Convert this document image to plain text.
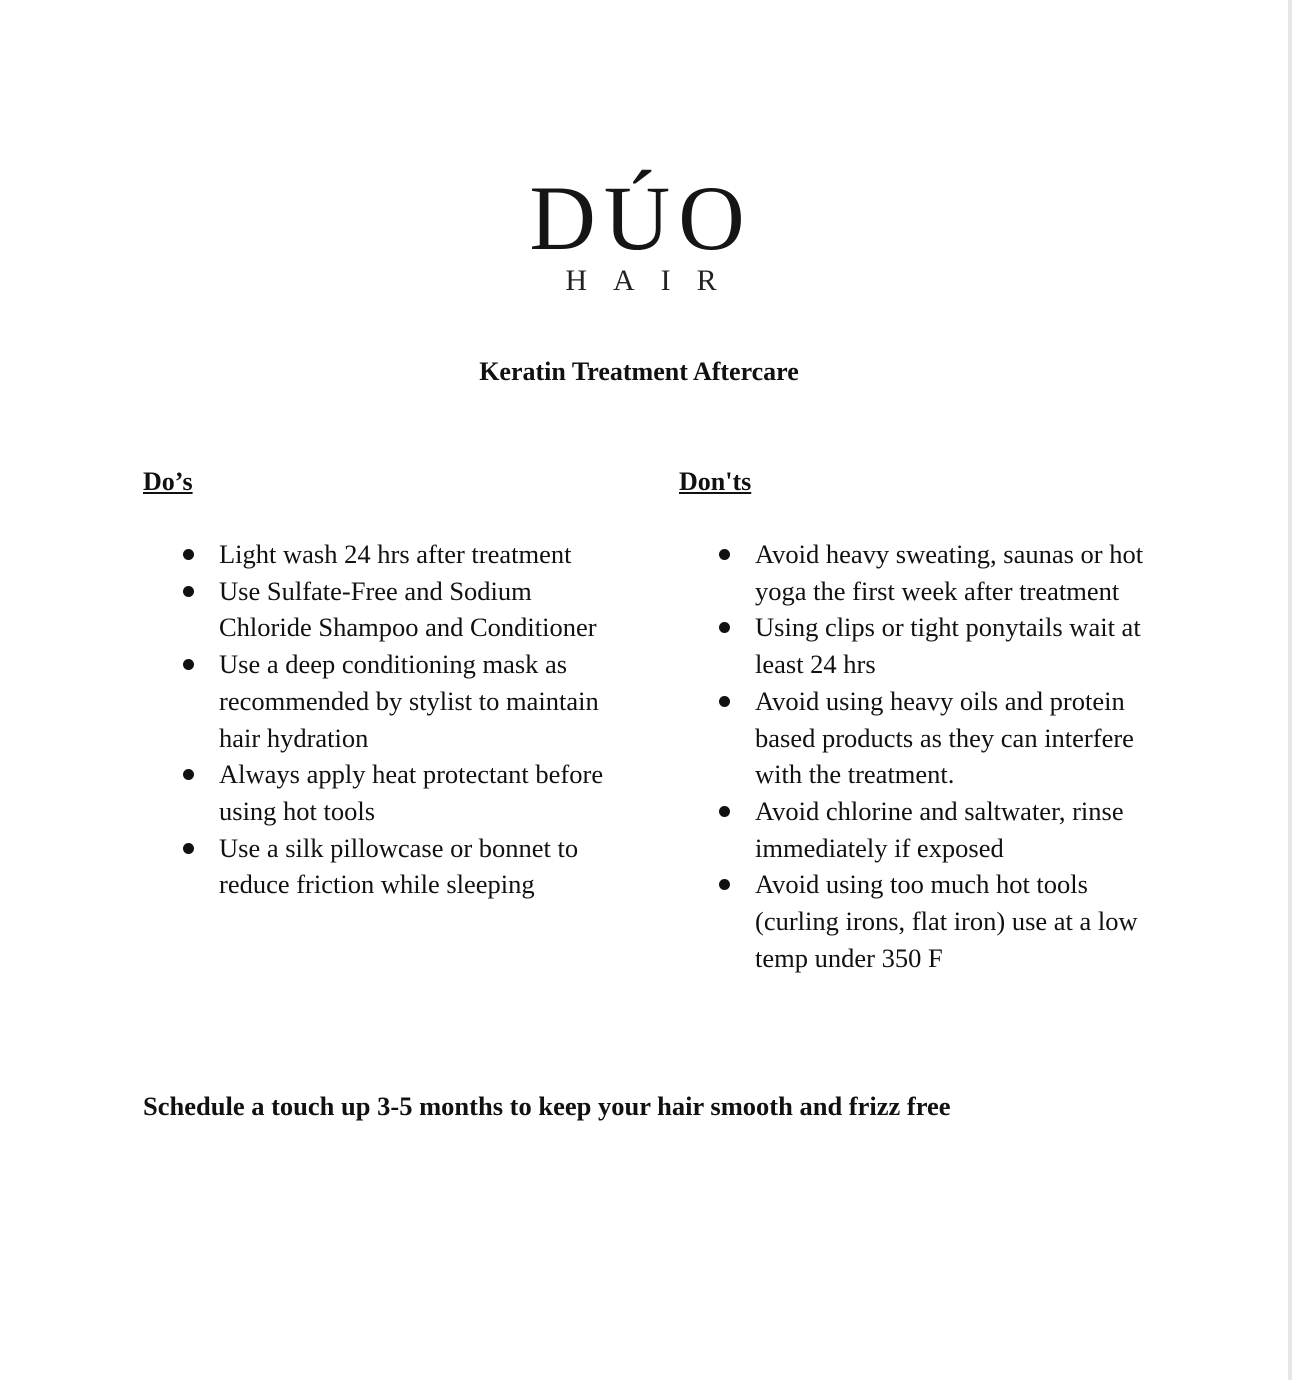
DÚO
HAIR
Keratin Treatment Aftercare
Do’s
Light wash 24 hrs after treatment
Use Sulfate-Free and Sodium Chloride Shampoo and Conditioner
Use a deep conditioning mask as recommended by stylist to maintain hair hydration
Always apply heat protectant before using hot tools
Use a silk pillowcase or bonnet to reduce friction while sleeping
Don'ts
Avoid heavy sweating, saunas or hot yoga the first week after treatment
Using clips or tight ponytails wait at least 24 hrs
Avoid using heavy oils and protein based products as they can interfere with the treatment.
Avoid chlorine and saltwater, rinse immediately if exposed
Avoid using too much hot tools (curling irons, flat iron) use at a low temp under 350 F
Schedule a touch up 3-5 months to keep your hair smooth and frizz free
